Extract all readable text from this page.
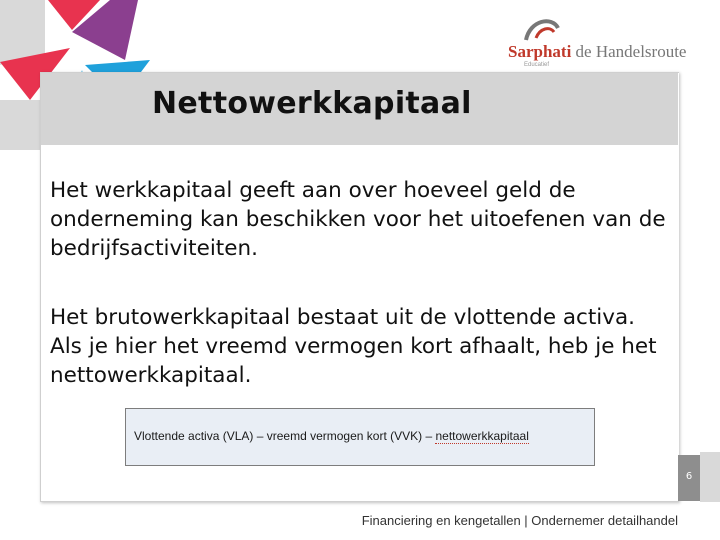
Sarphati de Handelsroute
Educatief
Nettowerkkapitaal
Het werkkapitaal geeft aan over hoeveel geld de onderneming kan beschikken voor het uitoefenen van de bedrijfsactiviteiten.
Het brutowerkkapitaal bestaat uit de vlottende activa. Als je hier het vreemd vermogen kort afhaalt, heb je het nettowerkkapitaal.
Vlottende activa (VLA) – vreemd vermogen kort (VVK) – nettowerkkapitaal
6
Financiering en kengetallen | Ondernemer detailhandel
